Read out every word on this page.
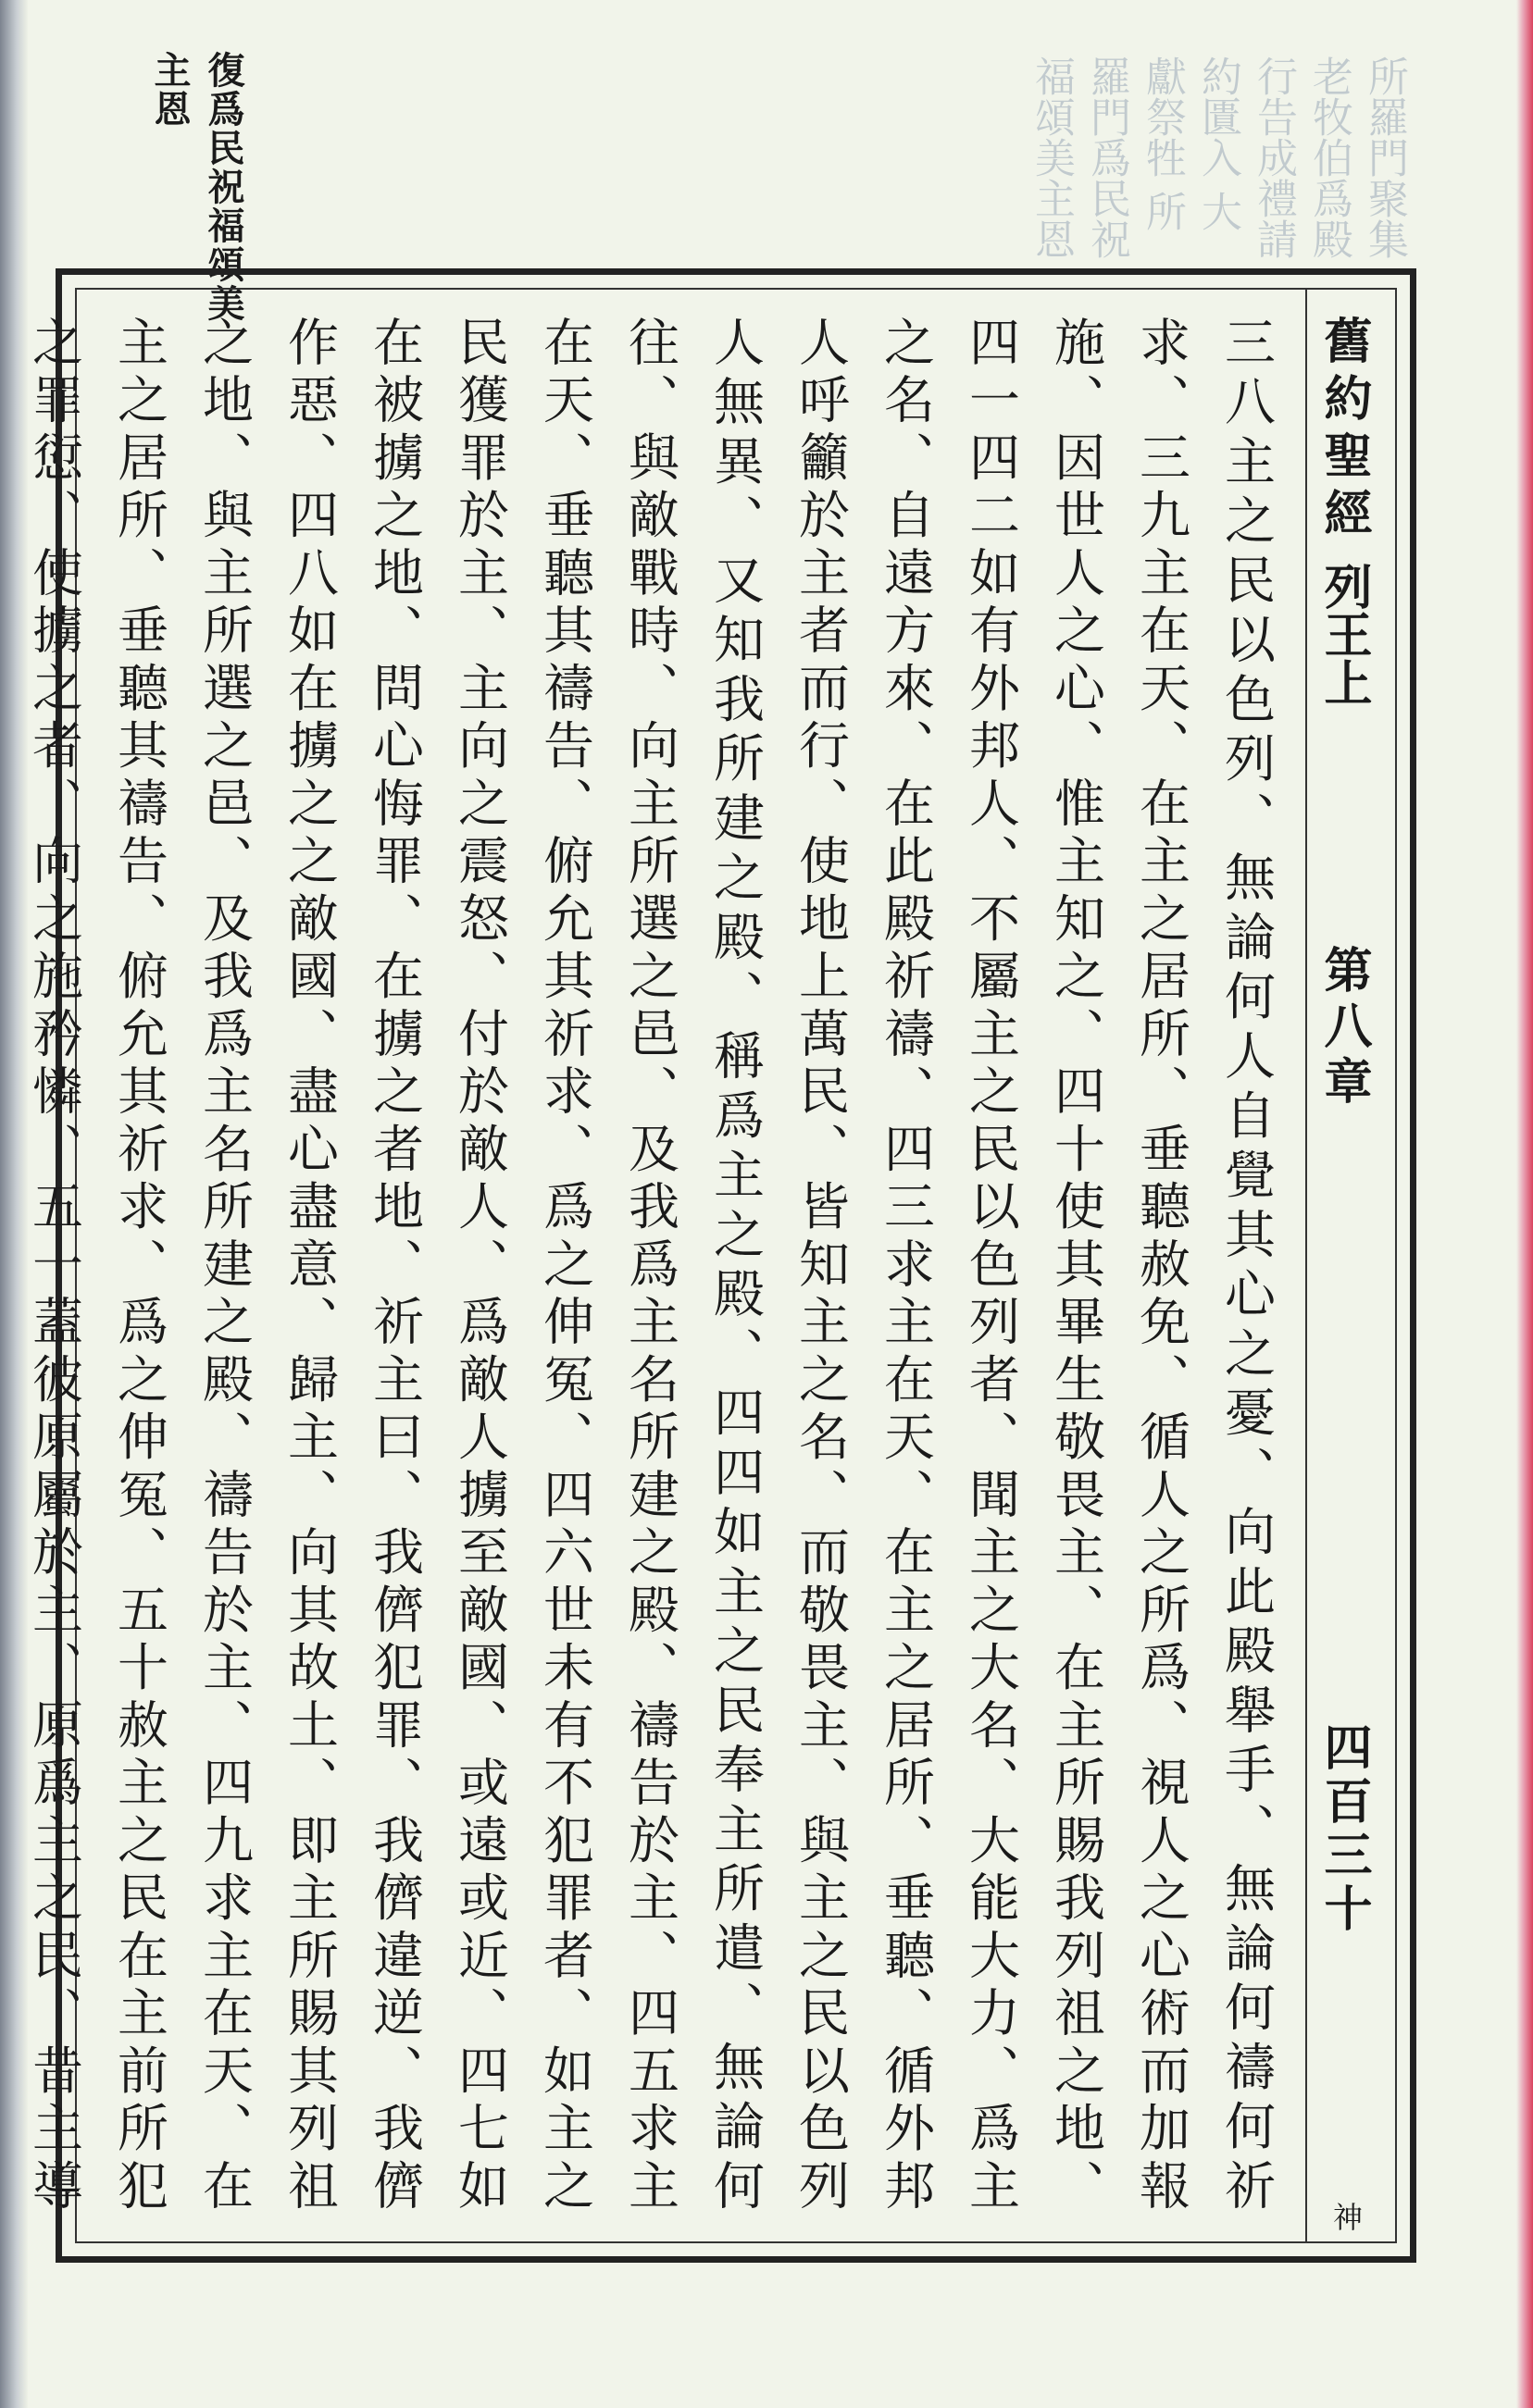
所羅門聚集老牧伯爲殿行告成禮請約匱入 大獻祭牲 所羅門爲民祝福頌美主恩
復爲民祝福頌美主恩
舊約聖經 列王上
第八章
四百三十
神
三八主之民以色列、無論何人自覺其心之憂、向此殿舉手、無論何禱何祈求、三九主在天、在主之居所、垂聽赦免、循人之所爲、視人之心術而加報施、因世人之心、惟主知之、四十使其畢生敬畏主、在主所賜我列祖之地、四一四二如有外邦人、不屬主之民以色列者、聞主之大名、大能大力、爲主之名、自遠方來、在此殿祈禱、四三求主在天、在主之居所、垂聽、循外邦人呼籲於主者而行、使地上萬民、皆知主之名、而敬畏主、與主之民以色列人無異、又知我所建之殿、稱爲主之殿、四四如主之民奉主所遣、無論何往、與敵戰時、向主所選之邑、及我爲主名所建之殿、禱告於主、四五求主在天、垂聽其禱告、俯允其祈求、爲之伸冤、四六世未有不犯罪者、如主之民獲罪於主、主向之震怒、付於敵人、爲敵人擄至敵國、或遠或近、四七如在被擄之地、問心悔罪、在擄之者地、祈主曰、我儕犯罪、我儕違逆、我儕作惡、四八如在擄之之敵國、盡心盡意、歸主、向其故土、即主所賜其列祖之地、與主所選之邑、及我爲主名所建之殿、禱告於主、四九求主在天、在主之居所、垂聽其禱告、俯允其祈求、爲之伸冤、五十赦主之民在主前所犯之罪愆、使擄之者、向之施矜憐、五一蓋彼原屬於主、原爲主之民、昔主導
